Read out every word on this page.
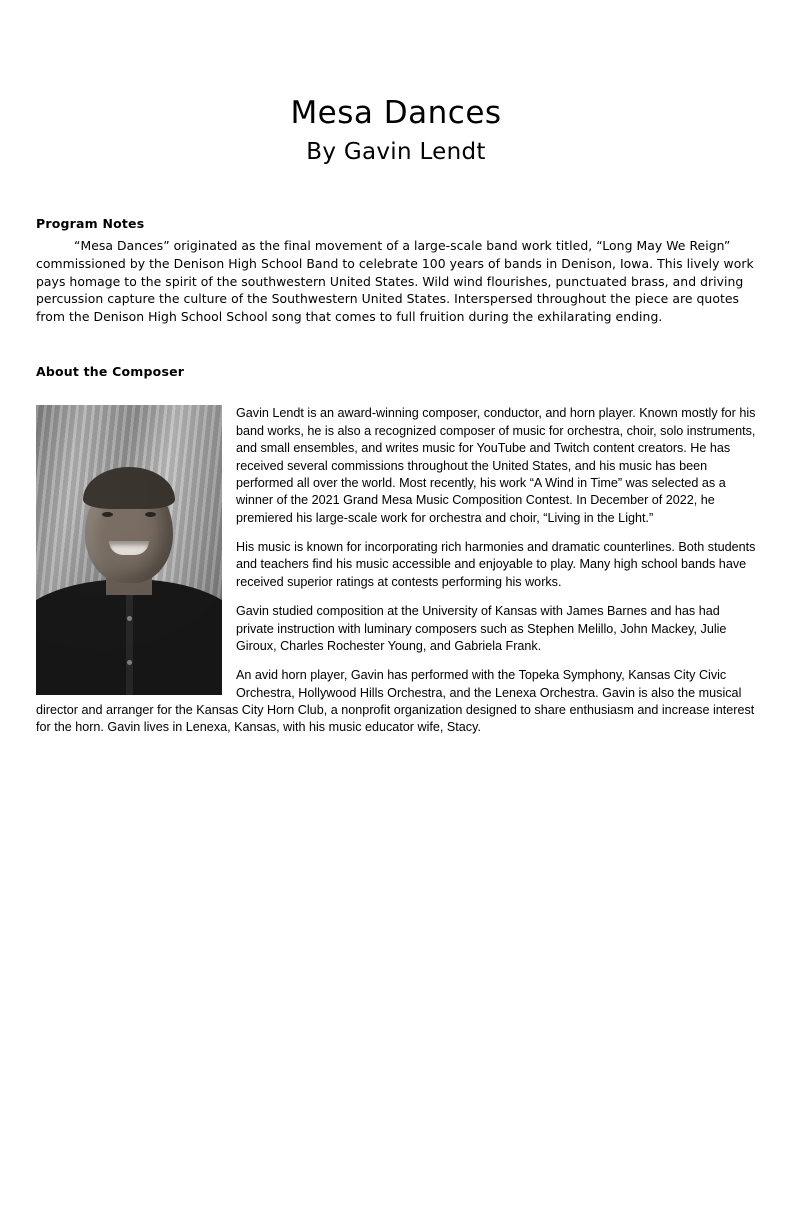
Mesa Dances
By Gavin Lendt
Program Notes

“Mesa Dances” originated as the final movement of a large-scale band work titled, “Long May We Reign” commissioned by the Denison High School Band to celebrate 100 years of bands in Denison, Iowa. This lively work pays homage to the spirit of the southwestern United States. Wild wind flourishes, punctuated brass, and driving percussion capture the culture of the Southwestern United States. Interspersed throughout the piece are quotes from the Denison High School School song that comes to full fruition during the exhilarating ending.

About the Composer

Gavin Lendt is an award-winning composer, conductor, and horn player. Known mostly for his band works, he is also a recognized composer of music for orchestra, choir, solo instruments, and small ensembles, and writes music for YouTube and Twitch content creators. He has received several commissions throughout the United States, and his music has been performed all over the world. Most recently, his work “A Wind in Time” was selected as a winner of the 2021 Grand Mesa Music Composition Contest. In December of 2022, he premiered his large-scale work for orchestra and choir, “Living in the Light.”

His music is known for incorporating rich harmonies and dramatic counterlines. Both students and teachers find his music accessible and enjoyable to play. Many high school bands have received superior ratings at contests performing his works.

Gavin studied composition at the University of Kansas with James Barnes and has had private instruction with luminary composers such as Stephen Melillo, John Mackey, Julie Giroux, Charles Rochester Young, and Gabriela Frank.

An avid horn player, Gavin has performed with the Topeka Symphony, Kansas City Civic Orchestra, Hollywood Hills Orchestra, and the Lenexa Orchestra. Gavin is also the musical director and arranger for the Kansas City Horn Club, a nonprofit organization designed to share enthusiasm and increase interest for the horn. Gavin lives in Lenexa, Kansas, with his music educator wife, Stacy.
